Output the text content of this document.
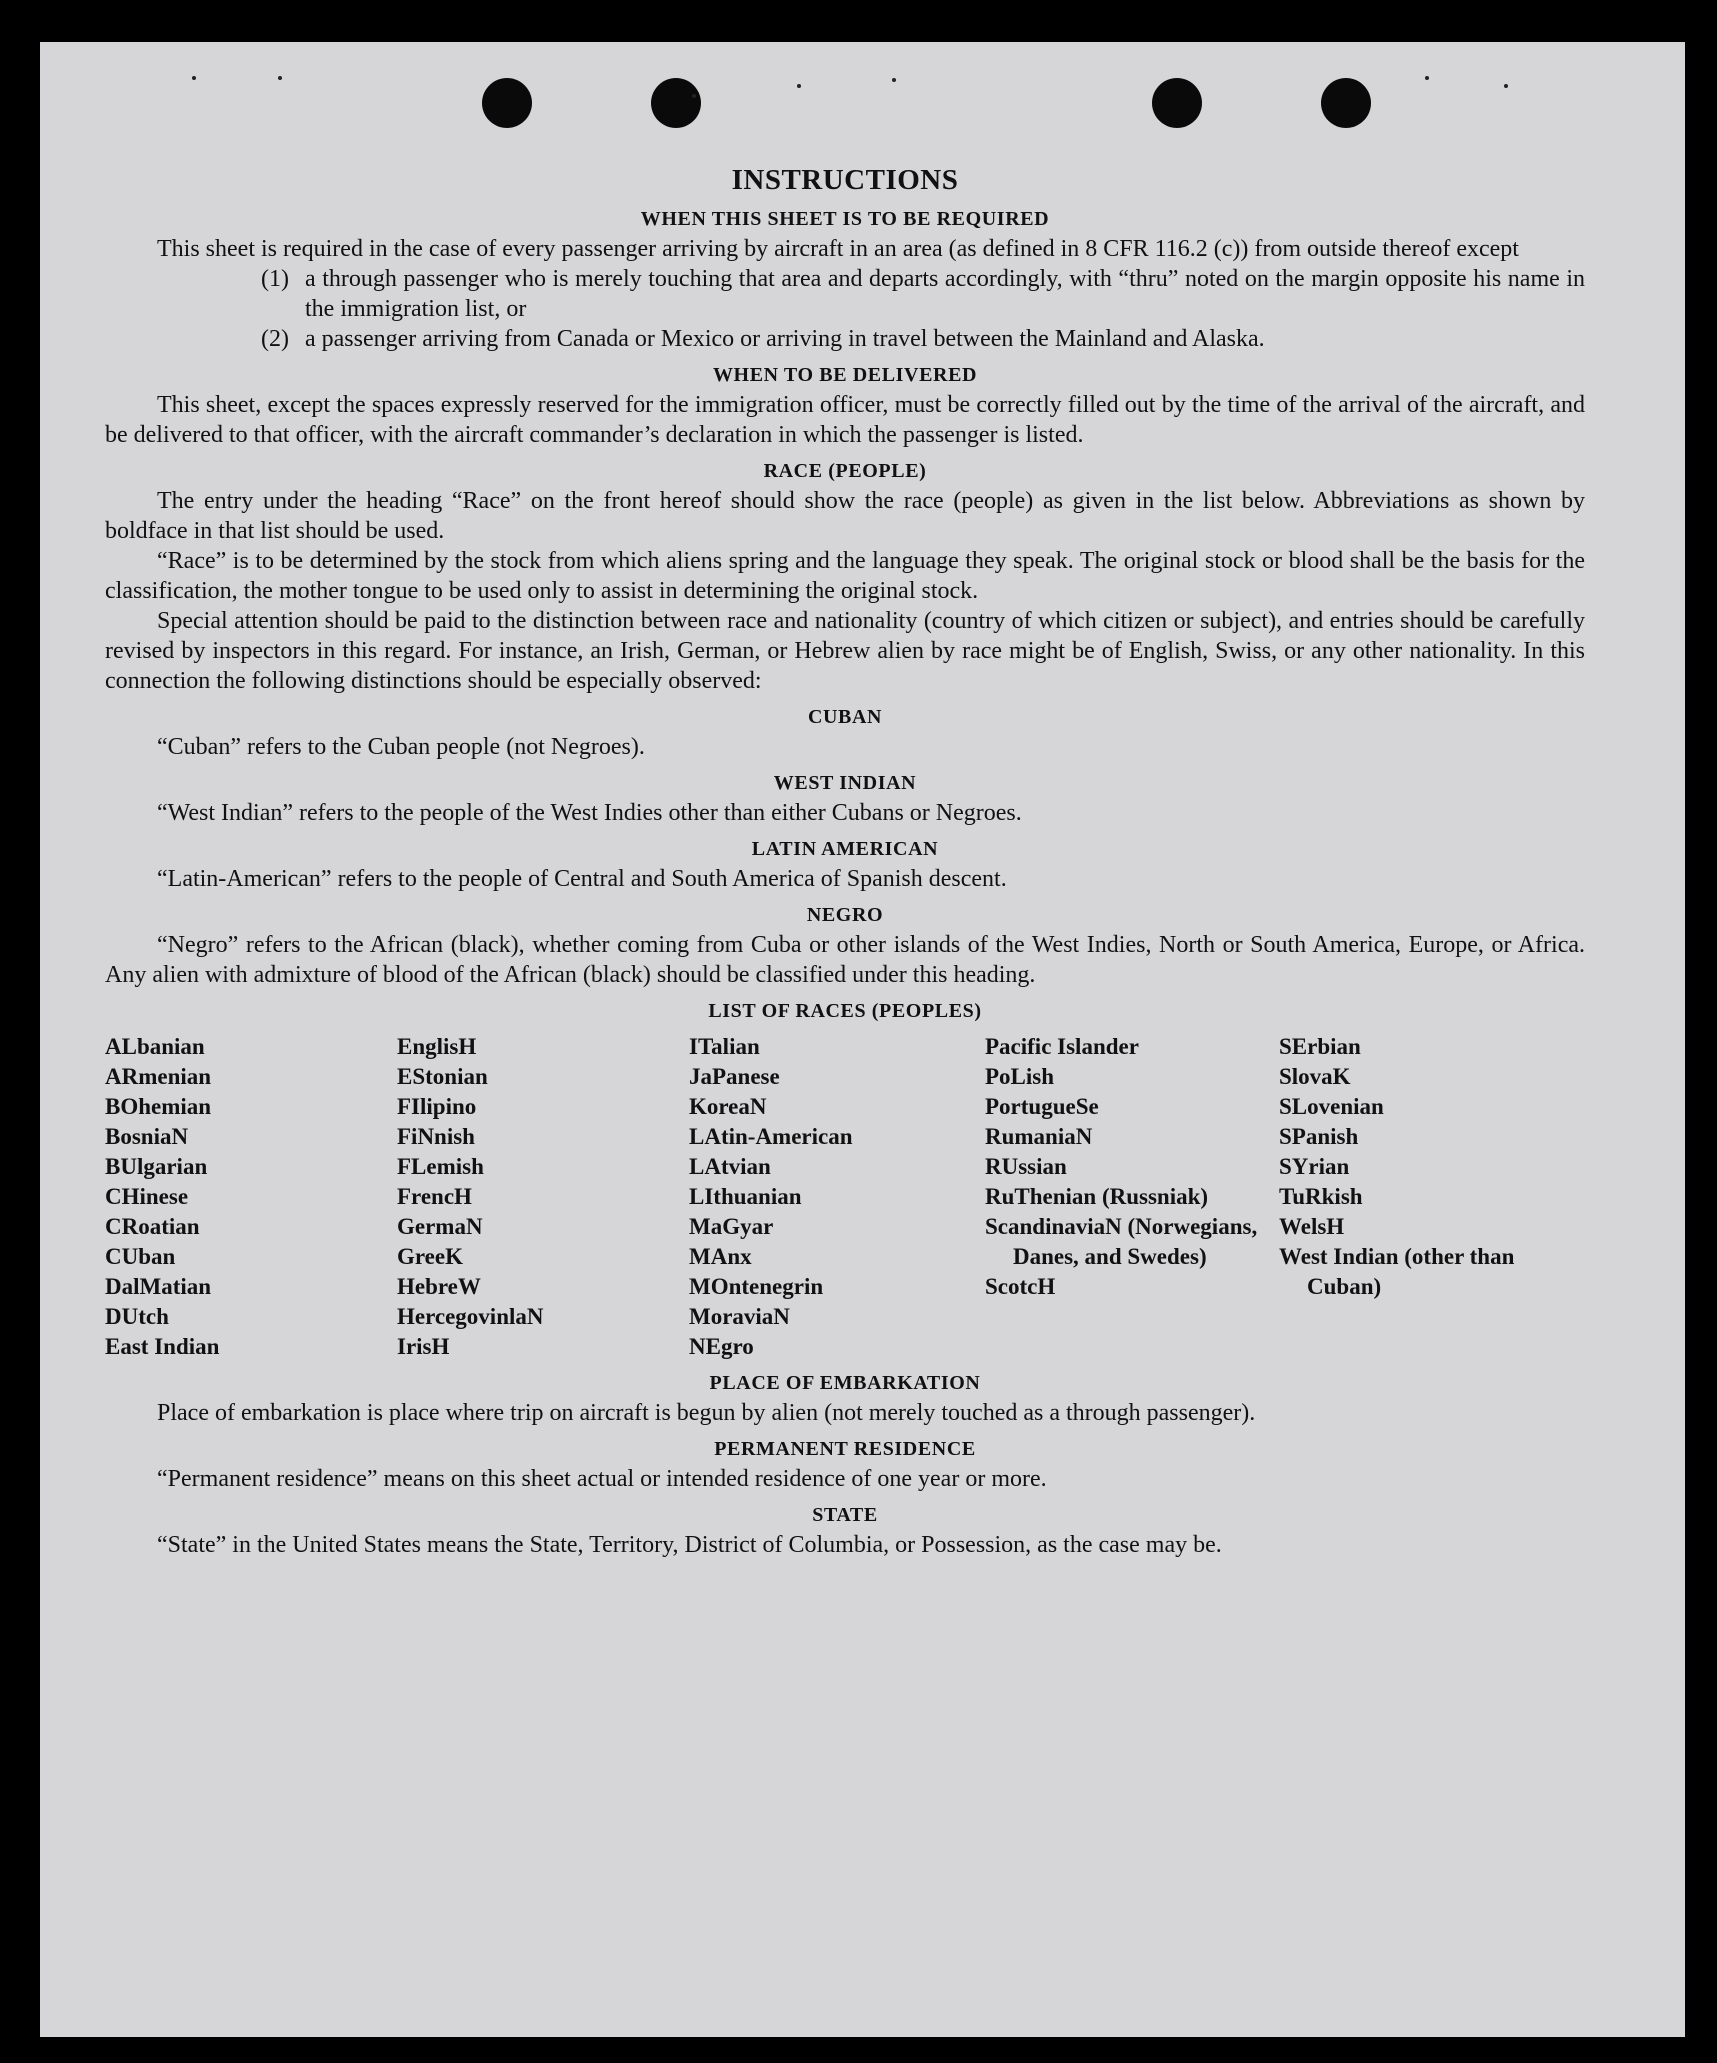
INSTRUCTIONS
WHEN THIS SHEET IS TO BE REQUIRED

This sheet is required in the case of every passenger arriving by aircraft in an area (as defined in 8 CFR 116.2 (c)) from outside thereof except

(1) a through passenger who is merely touching that area and departs accordingly, with “thru” noted on the margin opposite his name in the immigration list, or
(2) a passenger arriving from Canada or Mexico or arriving in travel between the Mainland and Alaska.
WHEN TO BE DELIVERED

This sheet, except the spaces expressly reserved for the immigration officer, must be correctly filled out by the time of the arrival of the aircraft, and be delivered to that officer, with the aircraft commander’s declaration in which the passenger is listed.

RACE (PEOPLE)

The entry under the heading “Race” on the front hereof should show the race (people) as given in the list below. Abbreviations as shown by boldface in that list should be used.

“Race” is to be determined by the stock from which aliens spring and the language they speak. The original stock or blood shall be the basis for the classification, the mother tongue to be used only to assist in determining the original stock.

Special attention should be paid to the distinction between race and nationality (country of which citizen or subject), and entries should be carefully revised by inspectors in this regard. For instance, an Irish, German, or Hebrew alien by race might be of English, Swiss, or any other nationality. In this connection the following distinctions should be especially observed:

CUBAN

“Cuban” refers to the Cuban people (not Negroes).

WEST INDIAN

“West Indian” refers to the people of the West Indies other than either Cubans or Negroes.

LATIN AMERICAN

“Latin-American” refers to the people of Central and South America of Spanish descent.

NEGRO

“Negro” refers to the African (black), whether coming from Cuba or other islands of the West Indies, North or South America, Europe, or Africa. Any alien with admixture of blood of the African (black) should be classified under this heading.

LIST OF RACES (PEOPLES)
ALbanian
ARmenian
BOhemian
BosniaN
BUlgarian
CHinese
CRoatian
CUban
DalMatian
DUtch
East Indian
EnglisH
EStonian
FIlipino
FiNnish
FLemish
FrencH
GermaN
GreeK
HebreW
HercegovinlaN
IrisH
ITalian
JaPanese
KoreaN
LAtin-American
LAtvian
LIthuanian
MaGyar
MAnx
MOntenegrin
MoraviaN
NEgro
Pacific Islander
PoLish
PortugueSe
RumaniaN
RUssian
RuThenian (Russniak)
ScandinaviaN (Norwegians, Danes, and Swedes)
ScotcH
SErbian
SlovaK
SLovenian
SPanish
SYrian
TuRkish
WelsH
West Indian (other than Cuban)
PLACE OF EMBARKATION

Place of embarkation is place where trip on aircraft is begun by alien (not merely touched as a through passenger).

PERMANENT RESIDENCE

“Permanent residence” means on this sheet actual or intended residence of one year or more.

STATE

“State” in the United States means the State, Territory, District of Columbia, or Possession, as the case may be.
